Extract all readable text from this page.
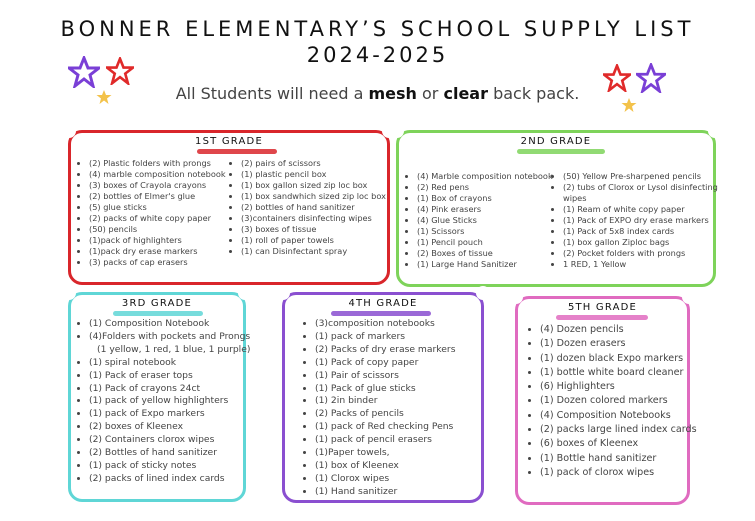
BONNER ELEMENTARY’S SCHOOL SUPPLY LIST
2024-2025
All Students will need a mesh or clear back pack.
1ST GRADE
• (2) Plastic folders with prongs
• (4) marble composition notebook
• (3) boxes of Crayola crayons
• (2) bottles of Elmer's glue
• (5) glue sticks
• (2) packs of white copy paper
• (50) pencils
• (1)pack of highlighters
• (1)pack dry erase markers
• (3) packs of cap erasers
• (2) pairs of scissors
• (1) plastic pencil box
• (1) box gallon sized zip loc box
• (1) box sandwhich sized zip loc box
• (2) bottles of hand sanitizer
• (3)containers disinfecting wipes
• (3) boxes of tissue
• (1) roll of paper towels
• (1) can Disinfectant spray
2ND GRADE
• (4) Marble composition notebook
• (2) Red pens
• (1) Box of crayons
• (4) Pink erasers
• (4) Glue Sticks
• (1) Scissors
• (1) Pencil pouch
• (2) Boxes of tissue
• (1) Large Hand Sanitizer
• (50) Yellow Pre-sharpened pencils
• (2) tubs of Clorox or Lysol disinfecting wipes
• (1) Ream of white copy paper
• (1) Pack of EXPO dry erase markers
• (1) Pack of 5x8 index cards
• (1) box gallon Ziploc bags
• (2) Pocket folders with prongs
• 1 RED, 1 Yellow
3RD GRADE
• (1) Composition Notebook
• (4)Folders with pockets and Prongs
(1 yellow, 1 red, 1 blue, 1 purple)
• (1) spiral notebook
• (1) Pack of eraser tops
• (1) Pack of crayons 24ct
• (1) pack of yellow highlighters
• (1) pack of Expo markers
• (2) boxes of Kleenex
• (2) Containers clorox wipes
• (2) Bottles of hand sanitizer
• (1) pack of sticky notes
• (2) packs of lined index cards
4TH GRADE
• (3)composition notebooks
• (1) pack of markers
• (2) Packs of dry erase markers
• (1) Pack of copy paper
• (1) Pair of scissors
• (1) Pack of glue sticks
• (1) 2in binder
• (2) Packs of pencils
• (1) pack of Red checking Pens
• (1) pack of pencil erasers
• (1)Paper towels,
• (1) box of Kleenex
• (1) Clorox wipes
• (1) Hand sanitizer
5TH GRADE
• (4) Dozen pencils
• (1) Dozen erasers
• (1) dozen black Expo markers
• (1) bottle white board cleaner
• (6) Highlighters
• (1) Dozen colored markers
• (4) Composition Notebooks
• (2) packs large lined index cards
• (6) boxes of Kleenex
• (1) Bottle hand sanitizer
• (1) pack of clorox wipes
